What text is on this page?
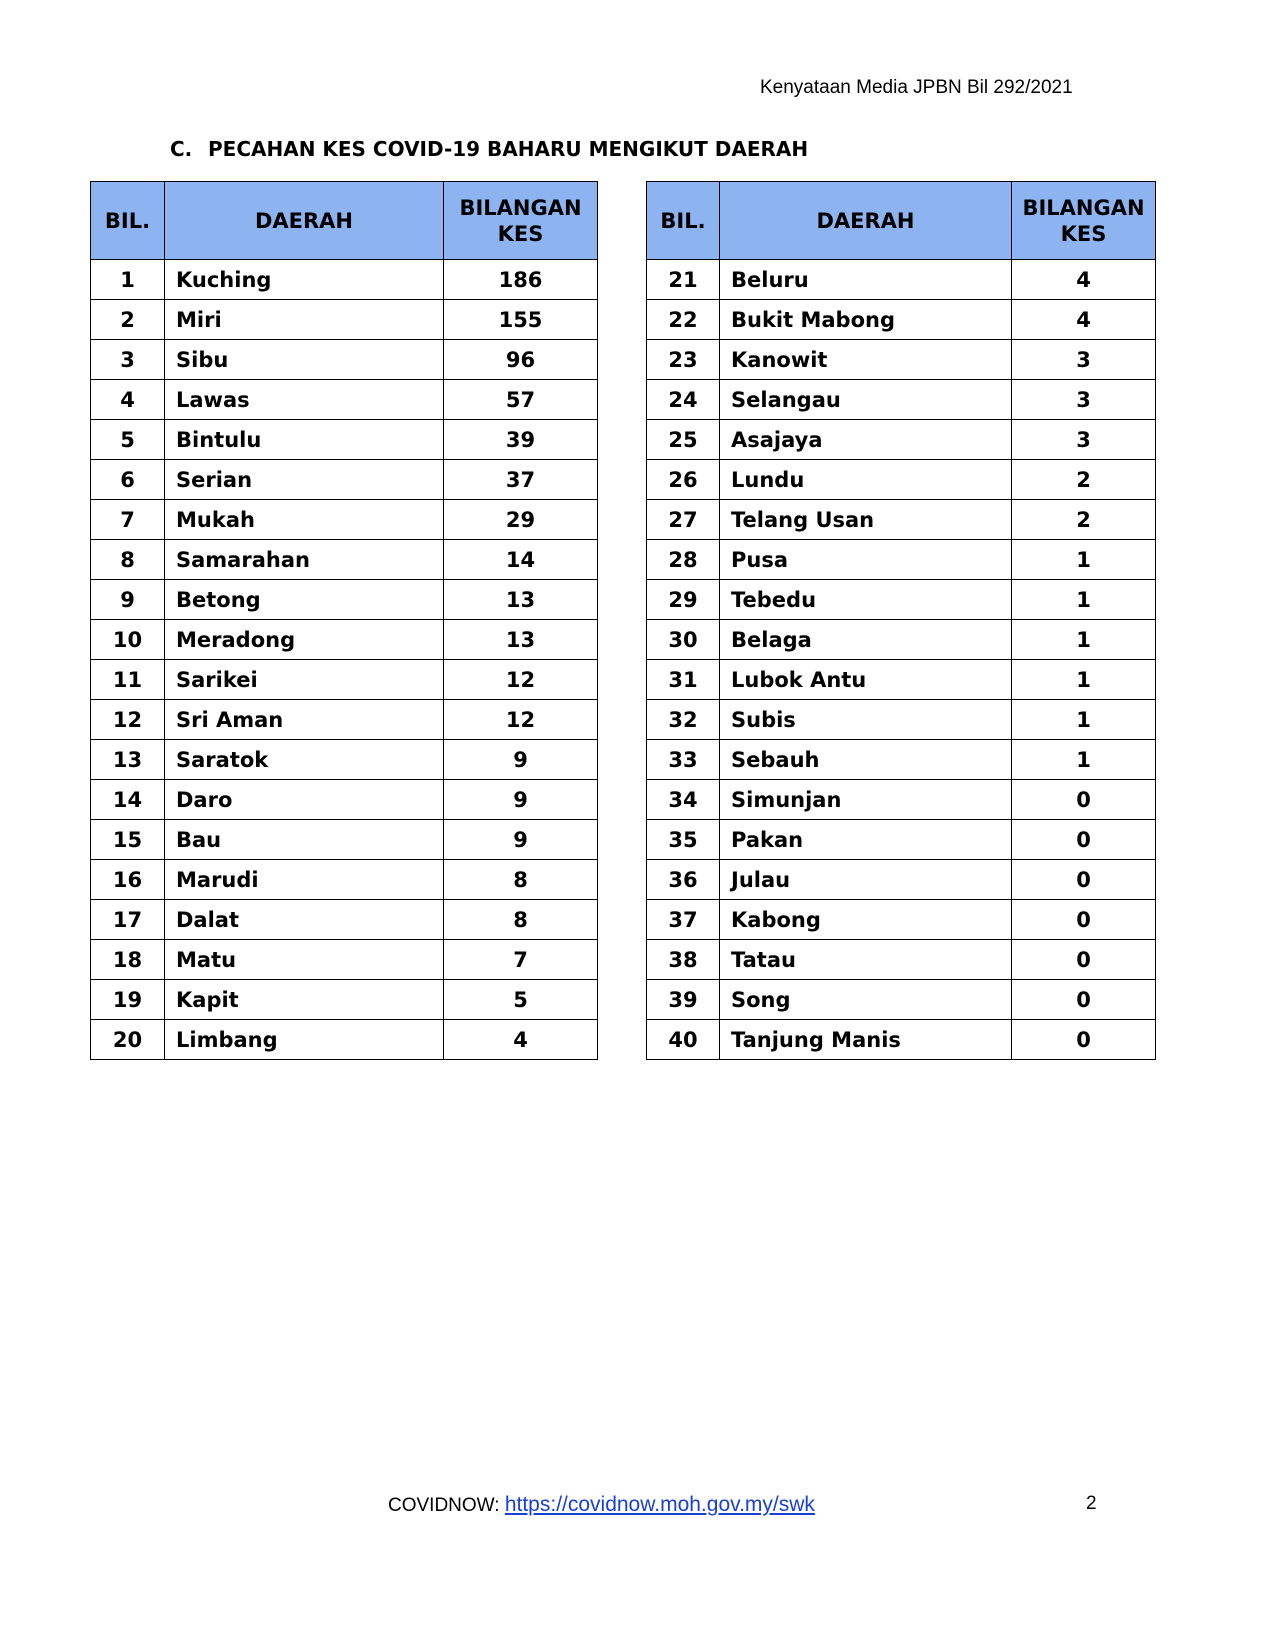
Kenyataan Media JPBN Bil 292/2021
C. PECAHAN KES COVID-19 BAHARU MENGIKUT DAERAH
BIL.	DAERAH	BILANGAN
KES

1	Kuching	186
2	Miri	155
3	Sibu	96
4	Lawas	57
5	Bintulu	39
6	Serian	37
7	Mukah	29
8	Samarahan	14
9	Betong	13
10	Meradong	13
11	Sarikei	12
12	Sri Aman	12
13	Saratok	9
14	Daro	9
15	Bau	9
16	Marudi	8
17	Dalat	8
18	Matu	7
19	Kapit	5
20	Limbang	4
BIL.	DAERAH	BILANGAN
KES

21	Beluru	4
22	Bukit Mabong	4
23	Kanowit	3
24	Selangau	3
25	Asajaya	3
26	Lundu	2
27	Telang Usan	2
28	Pusa	1
29	Tebedu	1
30	Belaga	1
31	Lubok Antu	1
32	Subis	1
33	Sebauh	1
34	Simunjan	0
35	Pakan	0
36	Julau	0
37	Kabong	0
38	Tatau	0
39	Song	0
40	Tanjung Manis	0
COVIDNOW: https://covidnow.moh.gov.my/swk	2
